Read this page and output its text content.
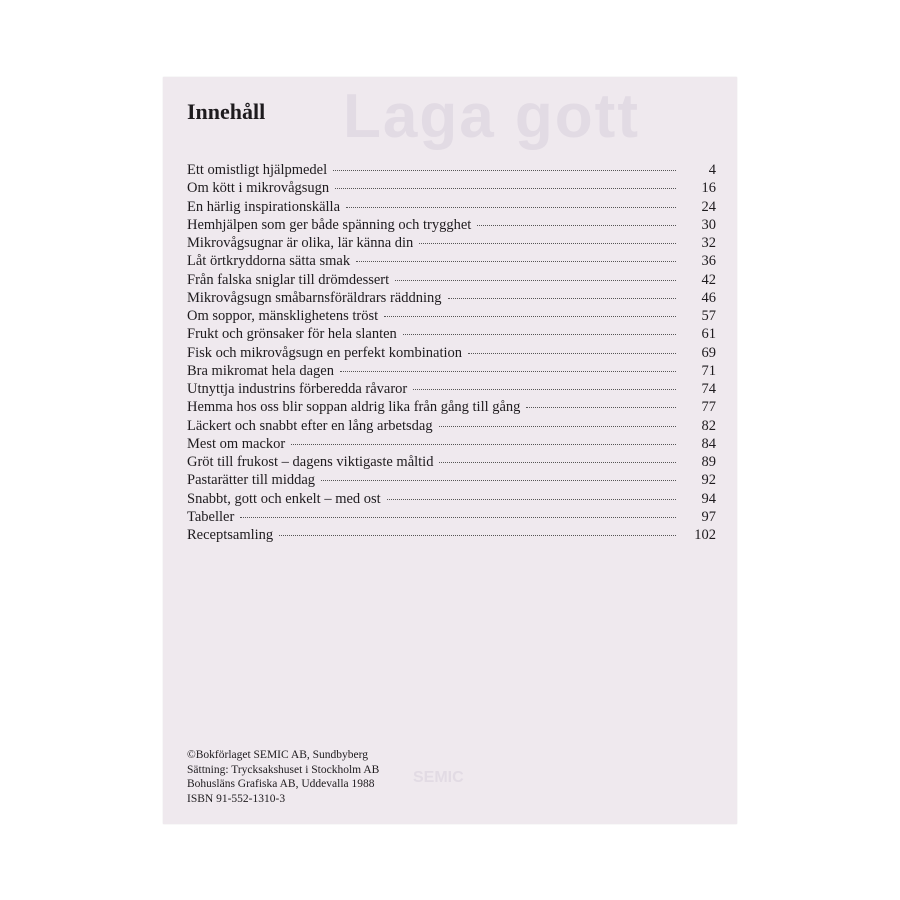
Laga gott
SEMIC
Innehåll
Ett omistligt hjälpmedel	4
Om kött i mikrovågsugn	16
En härlig inspirationskälla	24
Hemhjälpen som ger både spänning och trygghet	30
Mikrovågsugnar är olika, lär känna din	32
Låt örtkryddorna sätta smak	36
Från falska sniglar till drömdessert	42
Mikrovågsugn småbarnsföräldrars räddning	46
Om soppor, mänsklighetens tröst	57
Frukt och grönsaker för hela slanten	61
Fisk och mikrovågsugn en perfekt kombination	69
Bra mikromat hela dagen	71
Utnyttja industrins förberedda råvaror	74
Hemma hos oss blir soppan aldrig lika från gång till gång	77
Läckert och snabbt efter en lång arbetsdag	82
Mest om mackor	84
Gröt till frukost – dagens viktigaste måltid	89
Pastarätter till middag	92
Snabbt, gott och enkelt – med ost	94
Tabeller	97
Receptsamling	102
©Bokförlaget SEMIC AB, Sundbyberg
Sättning: Trycksakshuset i Stockholm AB
Bohusläns Grafiska AB, Uddevalla 1988
ISBN 91-552-1310-3
